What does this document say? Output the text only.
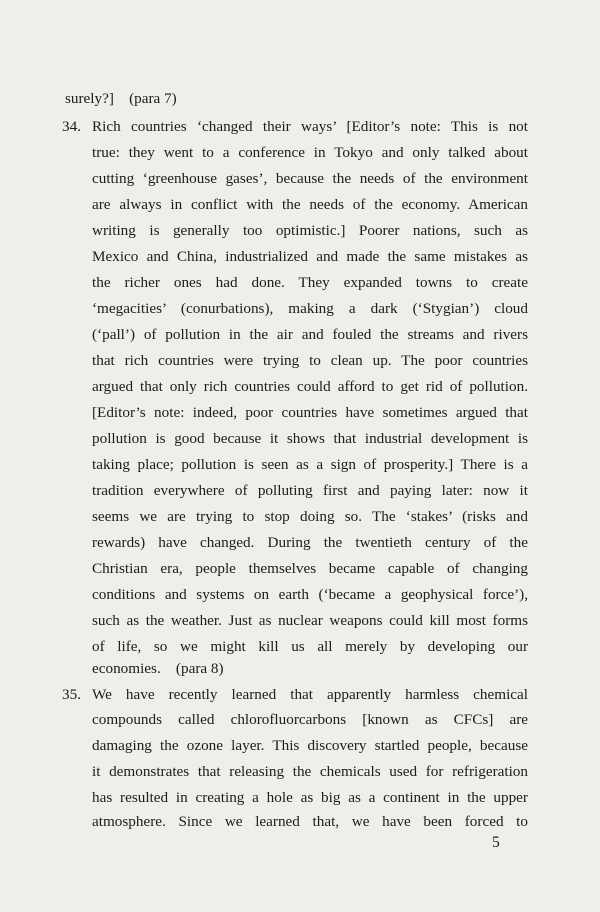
surely?] (para 7)
34. Rich countries ‘changed their ways’ [Editor’s note: This is not
true: they went to a conference in Tokyo and only talked about
cutting ‘greenhouse gases’, because the needs of the environment
are always in conflict with the needs of the economy. American
writing is generally too optimistic.] Poorer nations, such as
Mexico and China, industrialized and made the same mistakes as
the richer ones had done. They expanded towns to create
‘megacities’ (conurbations), making a dark (‘Stygian’) cloud
(‘pall’) of pollution in the air and fouled the streams and rivers
that rich countries were trying to clean up. The poor countries
argued that only rich countries could afford to get rid of pollution.
[Editor’s note: indeed, poor countries have sometimes argued that
pollution is good because it shows that industrial development is
taking place; pollution is seen as a sign of prosperity.] There is a
tradition everywhere of polluting first and paying later: now it
seems we are trying to stop doing so. The ‘stakes’ (risks and
rewards) have changed. During the twentieth century of the
Christian era, people themselves became capable of changing
conditions and systems on earth (‘became a geophysical force’),
such as the weather. Just as nuclear weapons could kill most forms
of life, so we might kill us all merely by developing our
economies. (para 8)
35. We have recently learned that apparently harmless chemical
compounds called chlorofluorcarbons [known as CFCs] are
damaging the ozone layer. This discovery startled people, because
it demonstrates that releasing the chemicals used for refrigeration
has resulted in creating a hole as big as a continent in the upper
atmosphere. Since we learned that, we have been forced to
5
